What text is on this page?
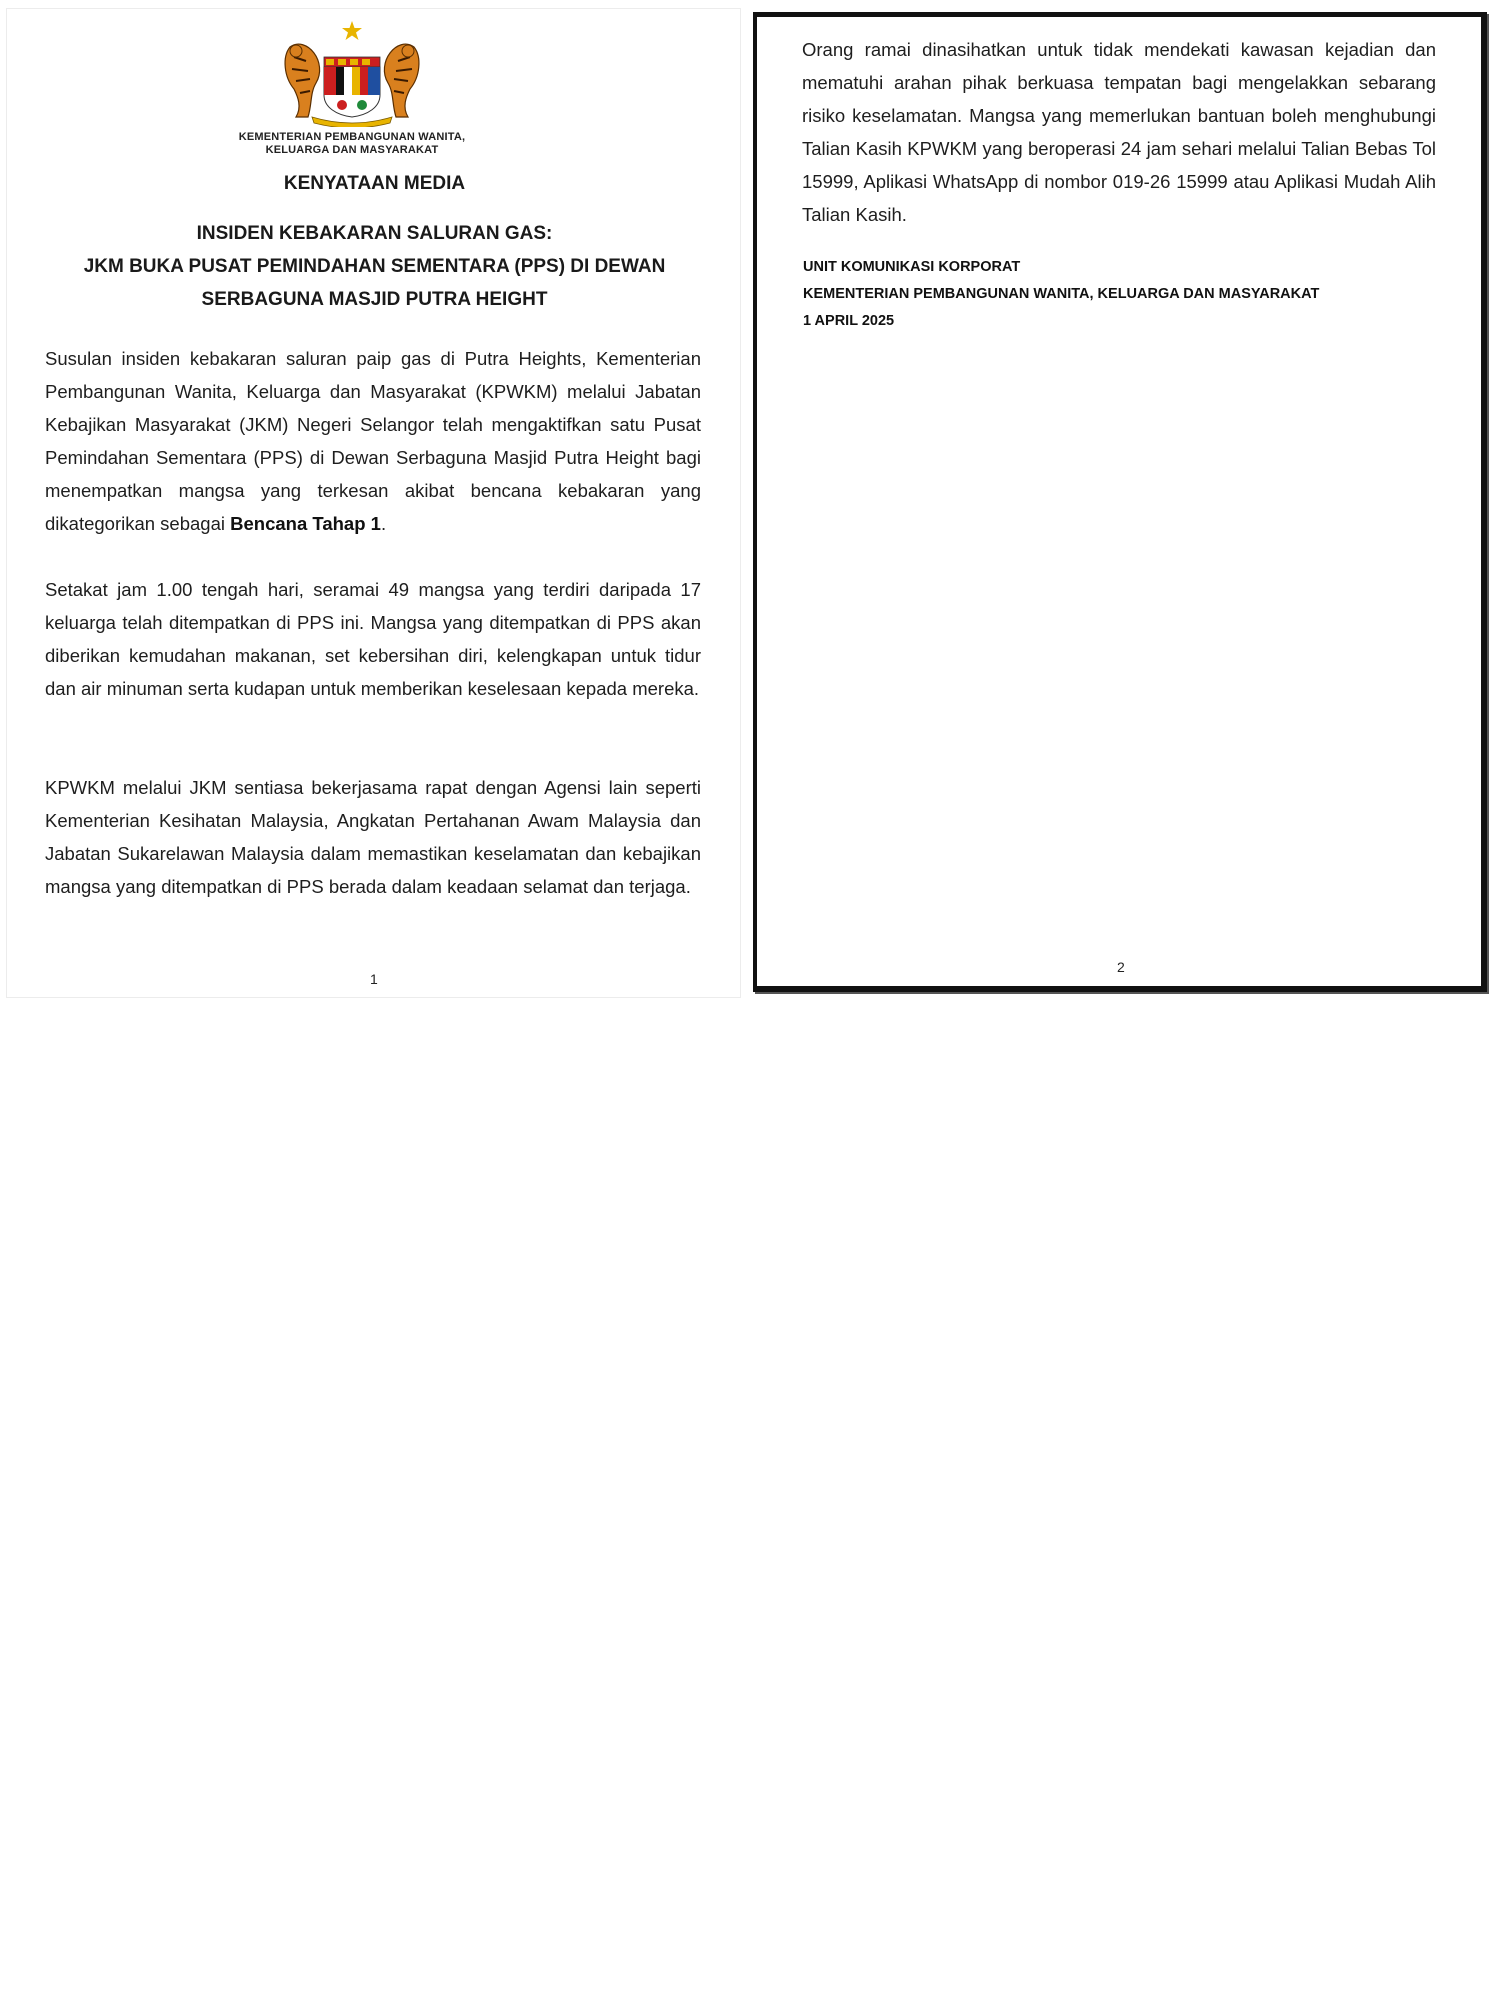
KEMENTERIAN PEMBANGUNAN WANITA,
KELUARGA DAN MASYARAKAT
KENYATAAN MEDIA
INSIDEN KEBAKARAN SALURAN GAS:
JKM BUKA PUSAT PEMINDAHAN SEMENTARA (PPS) DI DEWAN
SERBAGUNA MASJID PUTRA HEIGHT
Susulan insiden kebakaran saluran paip gas di Putra Heights, Kementerian Pembangunan Wanita, Keluarga dan Masyarakat (KPWKM) melalui Jabatan Kebajikan Masyarakat (JKM) Negeri Selangor telah mengaktifkan satu Pusat Pemindahan Sementara (PPS) di Dewan Serbaguna Masjid Putra Height bagi menempatkan mangsa yang terkesan akibat bencana kebakaran yang dikategorikan sebagai Bencana Tahap 1.
Setakat jam 1.00 tengah hari, seramai 49 mangsa yang terdiri daripada 17 keluarga telah ditempatkan di PPS ini. Mangsa yang ditempatkan di PPS akan diberikan kemudahan makanan, set kebersihan diri, kelengkapan untuk tidur dan air minuman serta kudapan untuk memberikan keselesaan kepada mereka.
KPWKM melalui JKM sentiasa bekerjasama rapat dengan Agensi lain seperti Kementerian Kesihatan Malaysia, Angkatan Pertahanan Awam Malaysia dan Jabatan Sukarelawan Malaysia dalam memastikan keselamatan dan kebajikan mangsa yang ditempatkan di PPS berada dalam keadaan selamat dan terjaga.
1
Orang ramai dinasihatkan untuk tidak mendekati kawasan kejadian dan mematuhi arahan pihak berkuasa tempatan bagi mengelakkan sebarang risiko keselamatan. Mangsa yang memerlukan bantuan boleh menghubungi Talian Kasih KPWKM yang beroperasi 24 jam sehari melalui Talian Bebas Tol 15999, Aplikasi WhatsApp di nombor 019-26 15999 atau Aplikasi Mudah Alih Talian Kasih.
UNIT KOMUNIKASI KORPORAT
KEMENTERIAN PEMBANGUNAN WANITA, KELUARGA DAN MASYARAKAT
1 APRIL 2025
2
